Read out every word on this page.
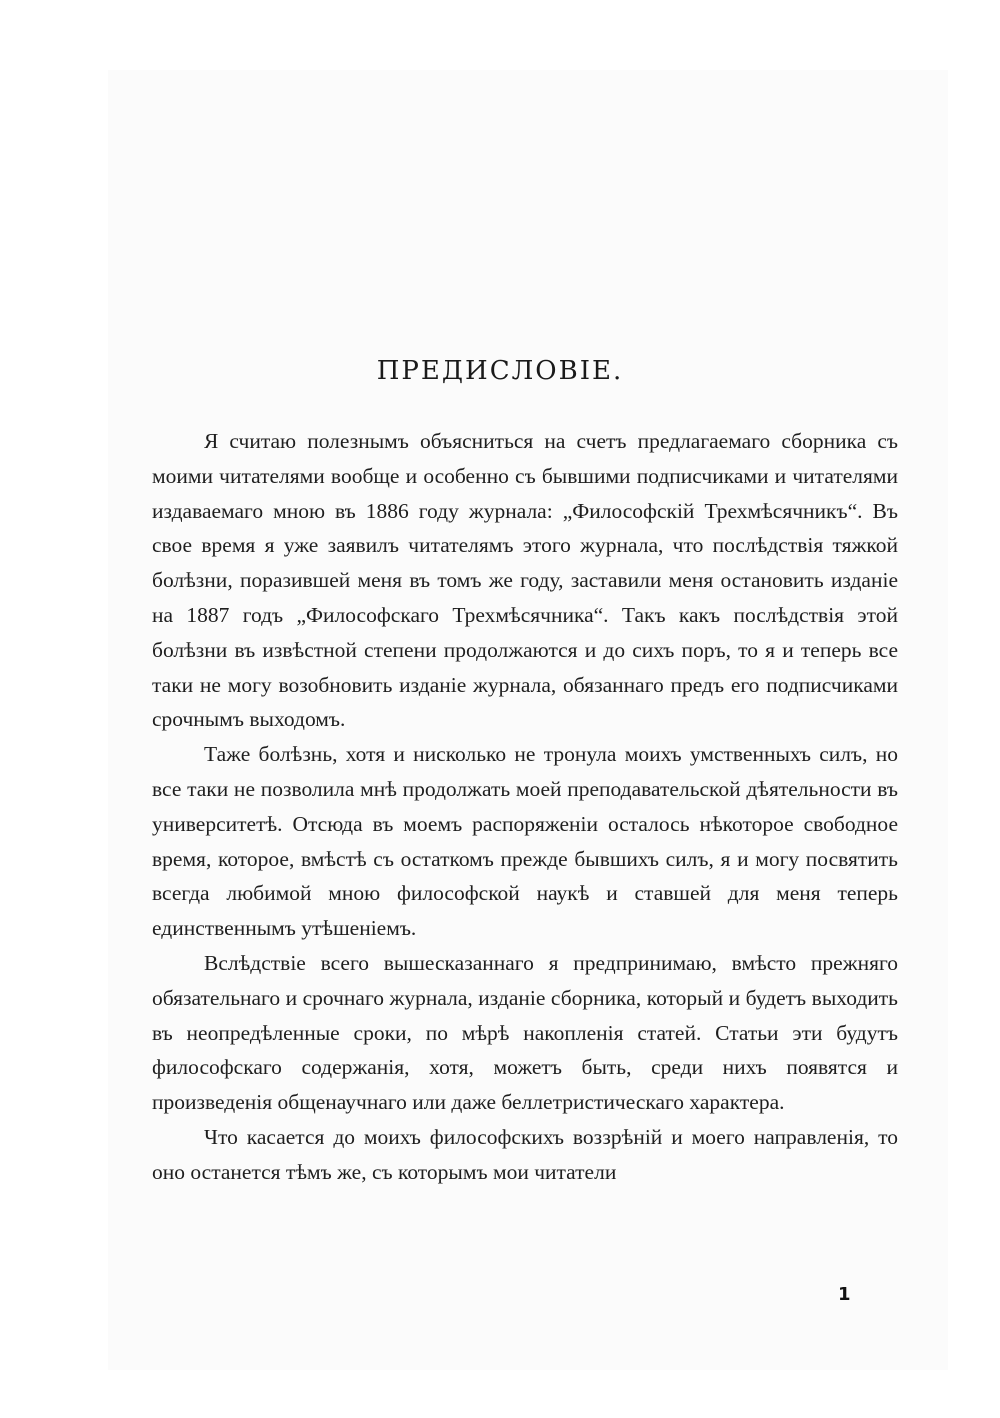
ПРЕДИСЛОВІЕ.

Я считаю полезнымъ объясниться на счетъ предлагаемаго сборника съ моими читателями вообще и особенно съ бывшими подписчиками и читателями издаваемаго мною въ 1886 году журнала: „Философскій Трехмѣсячникъ“. Въ свое время я уже заявилъ читателямъ этого журнала, что послѣдствія тяжкой болѣзни, поразившей меня въ томъ же году, заставили меня остановить изданіе на 1887 годъ „Философскаго Трехмѣсячника“. Такъ какъ послѣдствія этой болѣзни въ извѣстной степени продолжаются и до сихъ поръ, то я и теперь все таки не могу возобновить изданіе журнала, обязаннаго предъ его подписчиками срочнымъ выходомъ.

Таже болѣзнь, хотя и нисколько не тронула моихъ умственныхъ силъ, но все таки не позволила мнѣ продолжать моей преподавательской дѣятельности въ университетѣ. Отсюда въ моемъ распоряженіи осталось нѣкоторое свободное время, которое, вмѣстѣ съ остаткомъ прежде бывшихъ силъ, я и могу посвятить всегда любимой мною философской наукѣ и ставшей для меня теперь единственнымъ утѣшеніемъ.

Вслѣдствіе всего вышесказаннаго я предпринимаю, вмѣсто прежняго обязательнаго и срочнаго журнала, изданіе сборника, который и будетъ выходить въ неопредѣленные сроки, по мѣрѣ накопленія статей. Статьи эти будутъ философскаго содержанія, хотя, можетъ быть, среди нихъ появятся и произведенія общенаучнаго или даже беллетристическаго характера.

Что касается до моихъ философскихъ воззрѣній и моего направленія, то оно останется тѣмъ же, съ которымъ мои читатели

1
